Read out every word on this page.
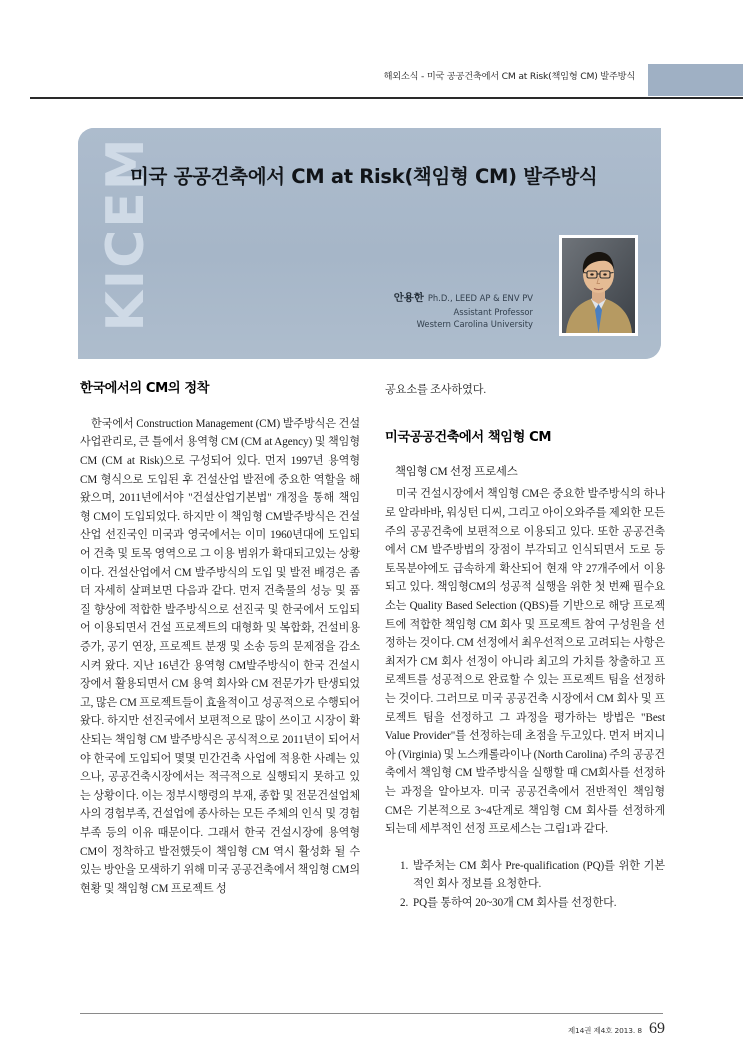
해외소식 - 미국 공공건축에서 CM at Risk(책임형 CM) 발주방식
KICEM
미국 공공건축에서 CM at Risk(책임형 CM) 발주방식
안용한 Ph.D., LEED AP & ENV PV
Assistant Professor
Western Carolina University
한국에서의 CM의 정착

한국에서 Construction Management (CM) 발주방식은 건설사업관리로, 큰 틀에서 용역형 CM (CM at Agency) 및 책임형 CM (CM at Risk)으로 구성되어 있다. 먼저 1997년 용역형 CM 형식으로 도입된 후 건설산업 발전에 중요한 역할을 해왔으며, 2011년에서야 "건설산업기본법" 개정을 통해 책임형 CM이 도입되었다. 하지만 이 책임형 CM발주방식은 건설산업 선진국인 미국과 영국에서는 이미 1960년대에 도입되어 건축 및 토목 영역으로 그 이용 범위가 확대되고있는 상황이다. 건설산업에서 CM 발주방식의 도입 및 발전 배경은 좀 더 자세히 살펴보면 다음과 같다. 먼저 건축물의 성능 및 품질 향상에 적합한 발주방식으로 선진국 및 한국에서 도입되어 이용되면서 건설 프로젝트의 대형화 및 복합화, 건설비용 증가, 공기 연장, 프로젝트 분쟁 및 소송 등의 문제점을 감소시켜 왔다. 지난 16년간 용역형 CM발주방식이 한국 건설시장에서 활용되면서 CM 용역 회사와 CM 전문가가 탄생되었고, 많은 CM 프로젝트들이 효율적이고 성공적으로 수행되어 왔다. 하지만 선진국에서 보편적으로 많이 쓰이고 시장이 확산되는 책임형 CM 발주방식은 공식적으로 2011년이 되어서야 한국에 도입되어 몇몇 민간건축 사업에 적용한 사례는 있으나, 공공건축시장에서는 적극적으로 실행되지 못하고 있는 상황이다. 이는 정부시행령의 부재, 종합 및 전문건설업체사의 경험부족, 건설업에 종사하는 모든 주체의 인식 및 경험부족 등의 이유 때문이다. 그래서 한국 건설시장에 용역형 CM이 정착하고 발전했듯이 책임형 CM 역시 활성화 될 수 있는 방안을 모색하기 위해 미국 공공건축에서 책임형 CM의 현황 및 책임형 CM 프로젝트 성

공요소를 조사하였다.

미국공공건축에서 책임형 CM
책임형 CM 선정 프로세스

미국 건설시장에서 책임형 CM은 중요한 발주방식의 하나로 알라바바, 워싱턴 디씨, 그리고 아이오와주를 제외한 모든 주의 공공건축에 보편적으로 이용되고 있다. 또한 공공건축에서 CM 발주방법의 장점이 부각되고 인식되면서 도로 등 토목분야에도 급속하게 확산되어 현재 약 27개주에서 이용되고 있다. 책임형CM의 성공적 실행을 위한 첫 번째 필수요소는 Quality Based Selection (QBS)를 기반으로 해당 프로젝트에 적합한 책임형 CM 회사 및 프로젝트 참여 구성원을 선정하는 것이다. CM 선정에서 최우선적으로 고려되는 사항은 최저가 CM 회사 선정이 아니라 최고의 가치를 창출하고 프로젝트를 성공적으로 완료할 수 있는 프로젝트 팀을 선정하는 것이다. 그러므로 미국 공공건축 시장에서 CM 회사 및 프로젝트 팀을 선정하고 그 과정을 평가하는 방법은 "Best Value Provider"를 선정하는데 초점을 두고있다. 먼저 버지니아 (Virginia) 및 노스캐롤라이나 (North Carolina) 주의 공공건축에서 책임형 CM 발주방식을 실행할 때 CM회사를 선정하는 과정을 알아보자. 미국 공공건축에서 전반적인 책임형 CM은 기본적으로 3~4단계로 책임형 CM 회사를 선정하게 되는데 세부적인 선정 프로세스는 그림1과 같다.

1. 발주처는 CM 회사 Pre-qualification (PQ)를 위한 기본적인 회사 정보를 요청한다.
2. PQ를 통하여 20~30개 CM 회사를 선정한다.
제14권 제4호 2013. 8 69
